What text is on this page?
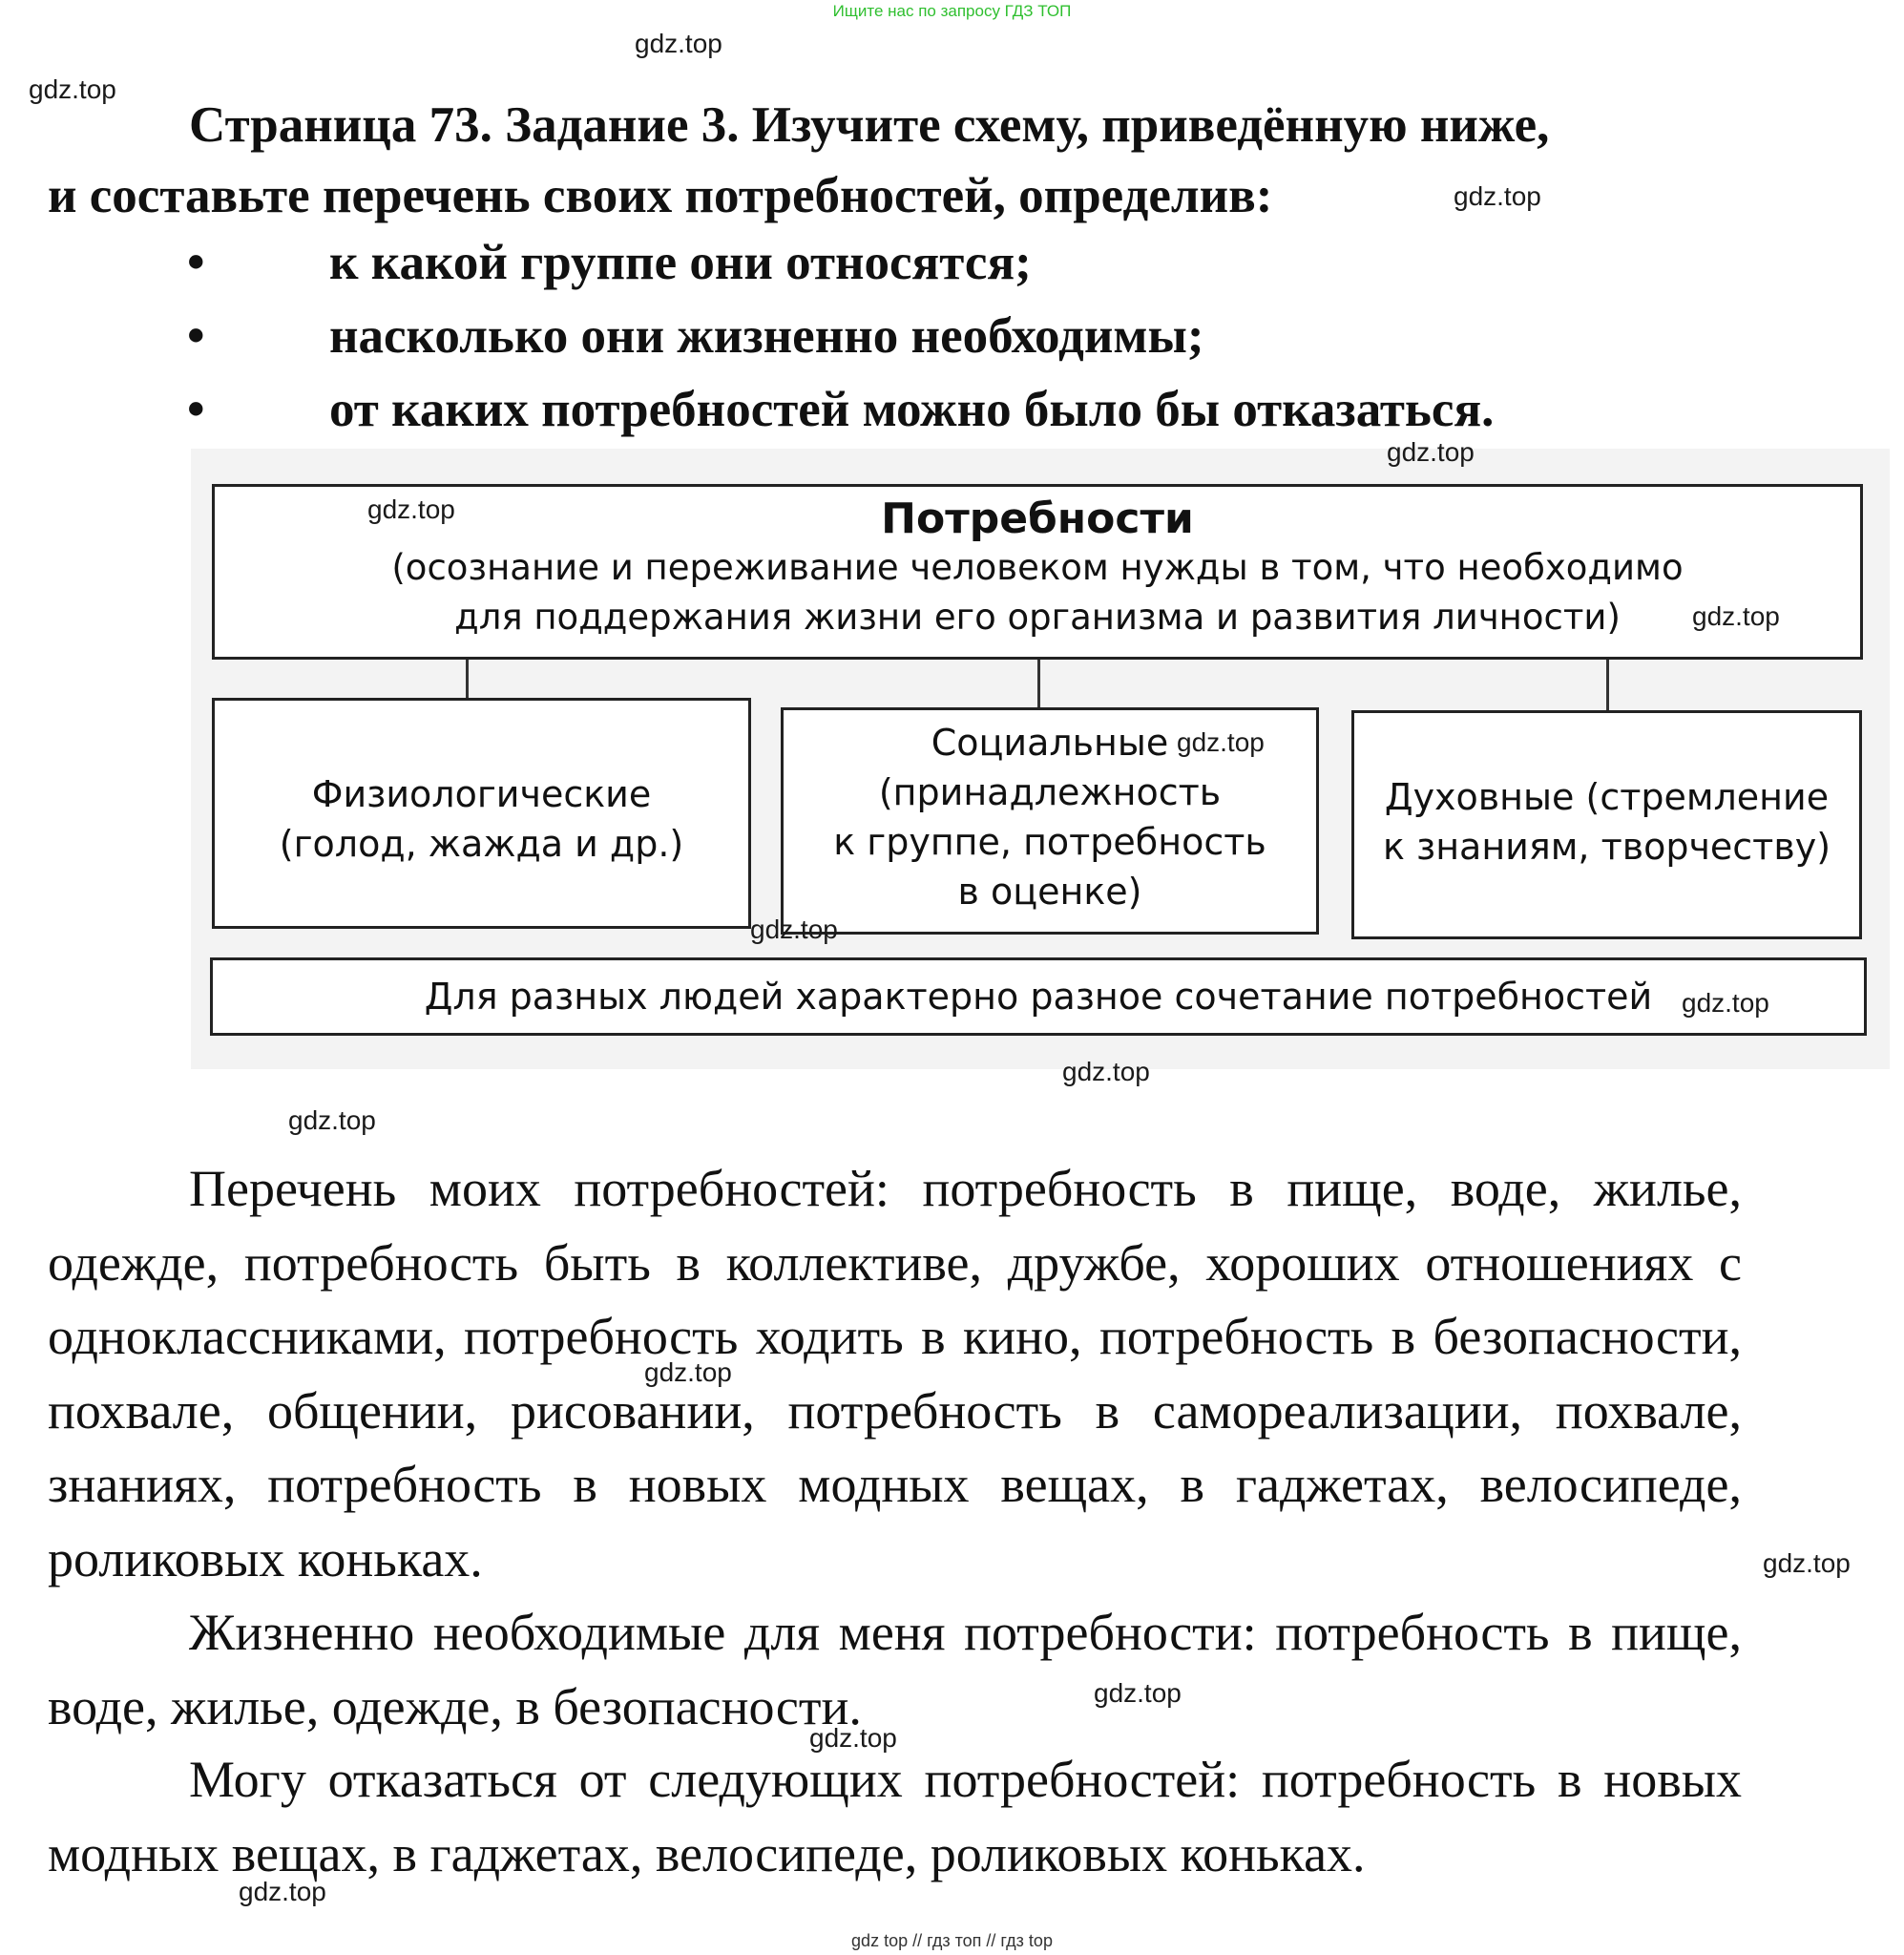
Ищите нас по запросу ГДЗ ТОП
Страница 73. Задание 3. Изучите схему, приведённую ниже,
и составьте перечень своих потребностей, определив:
• к какой группе они относятся;
• насколько они жизненно необходимы;
• от каких потребностей можно было бы отказаться.
Потребности
(осознание и переживание человеком нужды в том, что необходимо
для поддержания жизни его организма и развития личности)
Физиологические
(голод, жажда и др.)
Социальные
(принадлежность
к группе, потребность
в оценке)
Духовные (стремление
к знаниям, творчеству)
Для разных людей характерно разное сочетание потребностей
Перечень моих потребностей: потребность в пище, воде, жилье, одежде, потребность быть в коллективе, дружбе, хороших отношениях с одноклассниками, потребность ходить в кино, потребность в безопасности, похвале, общении, рисовании, потребность в самореализации, похвале, знаниях, потребность в новых модных вещах, в гаджетах, велосипеде, роликовых коньках.
Жизненно необходимые для меня потребности: потребность в пище, воде, жилье, одежде, в безопасности.
Могу отказаться от следующих потребностей: потребность в новых модных вещах, в гаджетах, велосипеде, роликовых коньках.
gdz.top
gdz.top
gdz.top
gdz.top
gdz.top
gdz.top
gdz.top
gdz.top
gdz.top
gdz.top
gdz.top
gdz.top
gdz.top
gdz.top
gdz.top
gdz.top
gdz top // гдз топ // гдз top
